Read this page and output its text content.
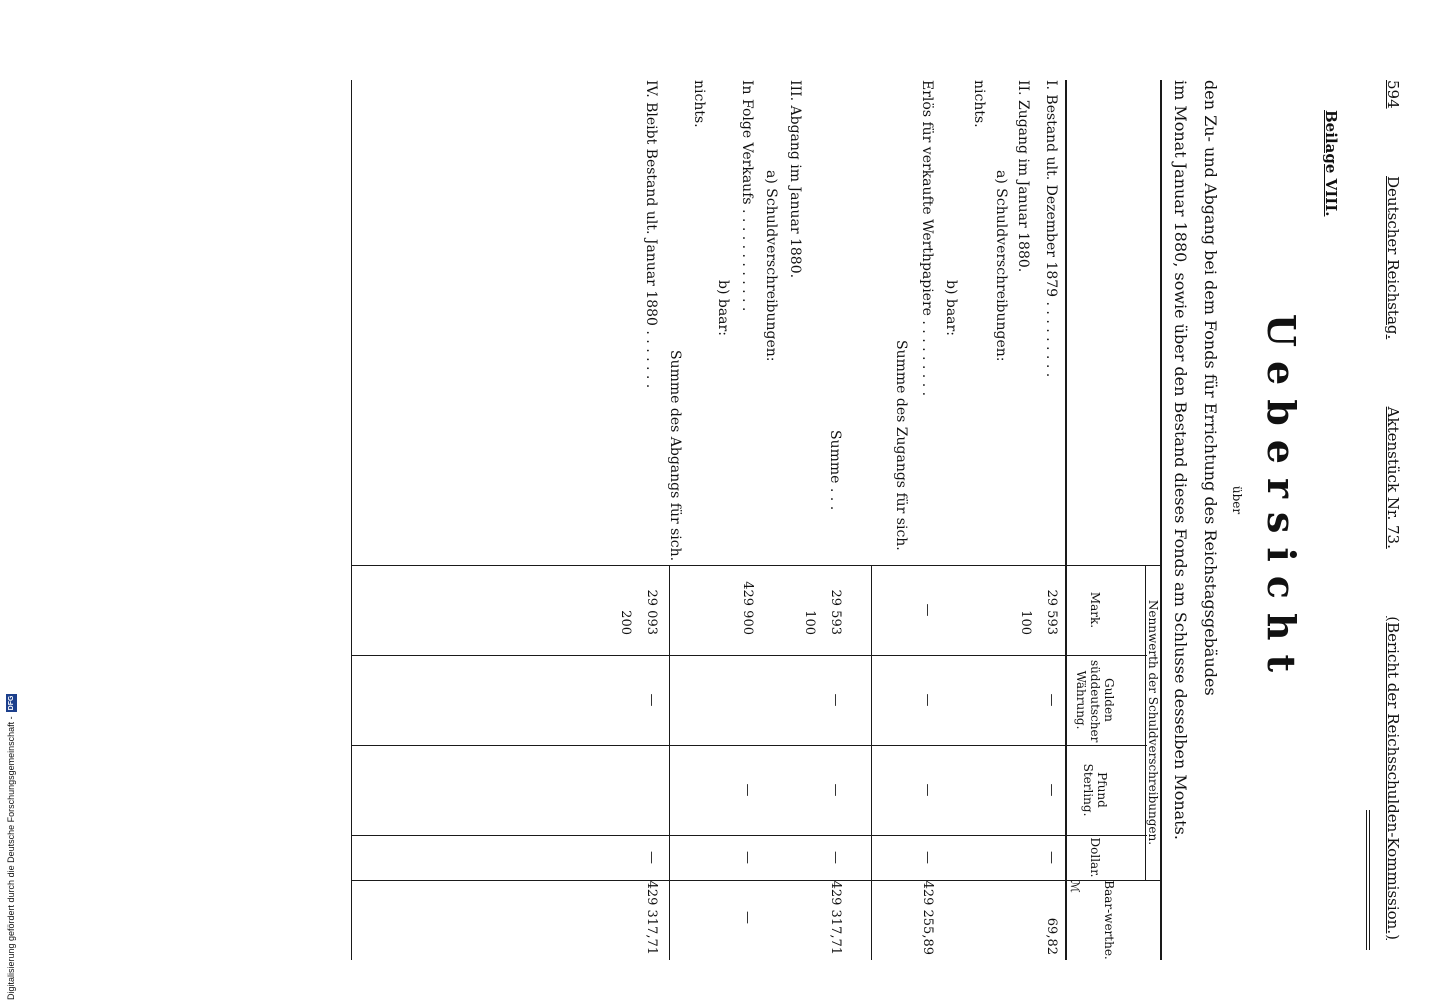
Digitalisierung gefördert durch die Deutsche Forschungsgemeinschaft -
DFG
594
Deutscher Reichstag.
Aktenstück Nr. 73.
(Bericht der Reichsschulden-Kommission.)
Beilage VIII.
Uebersicht
über
den Zu- und Abgang bei dem Fonds für Errichtung des Reichstagsgebäudes
im Monat Januar 1880, sowie über den Bestand dieses Fonds am Schlusse desselben Monats.
Nennwerth der Schuldverschreibungen.
Mark.
Gulden süddeutscher Währung.
Pfund Sterling.
Dollar.
Baar-werthe.
ℳ
I. Bestand ult. Dezember 1879 . . . . . . . . .
29 593 100
—
—
—
69,82
II. Zugang im Januar 1880.
a) Schuldverschreibungen:
nichts.
b) baar:
Erlös für verkaufte Werthpapiere . . . . . . . . .
—
—
—
—
429 255,89
Summe des Zugangs für sich.
Summe . . .
29 593 100
—
—
—
429 317,71
III. Abgang im Januar 1880.
a) Schuldverschreibungen:
In Folge Verkaufs . . . . . . . . . . . .
429 900
—
—
—
b) baar:
nichts.
Summe des Abgangs für sich.
IV. Bleibt Bestand ult. Januar 1880 . . . . . . .
29 093 200
—
—
429 317,71
